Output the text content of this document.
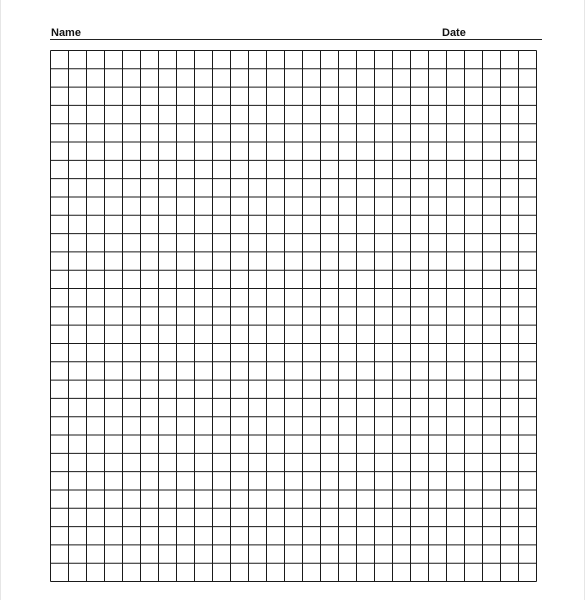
Name	Date
